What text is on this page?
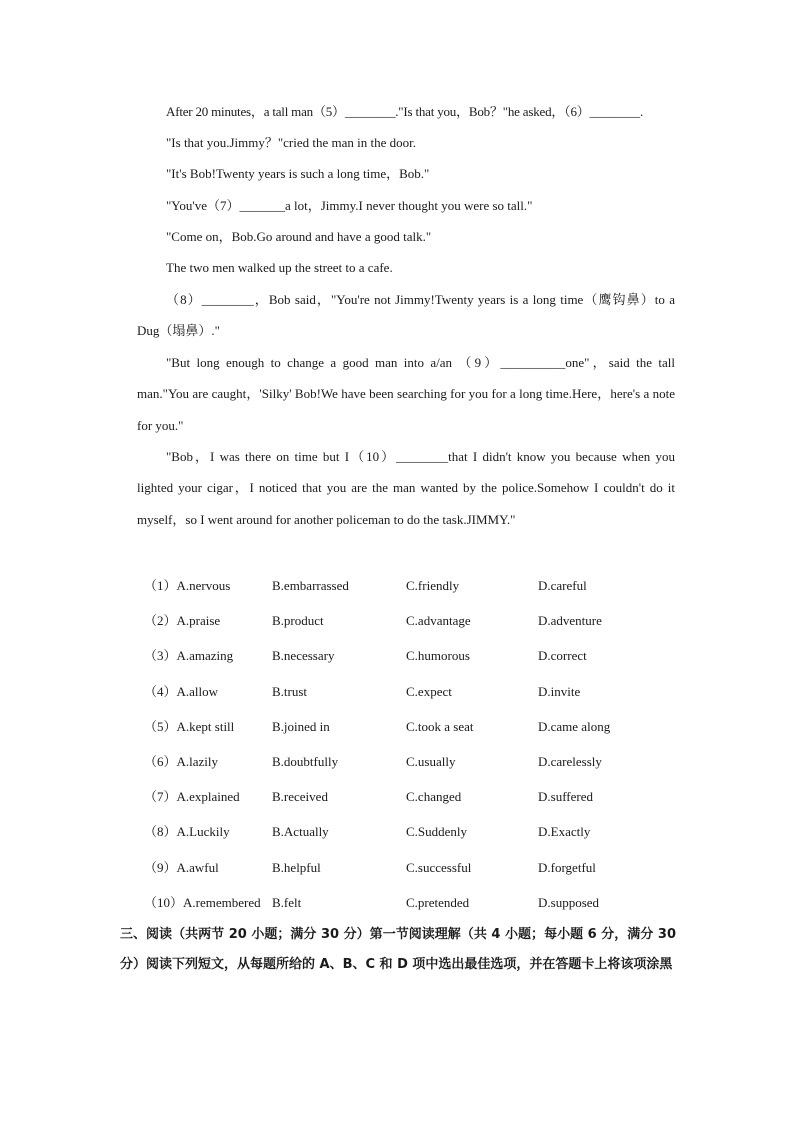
After 20 minutes，a tall man（5）________."Is that you，Bob？"he asked，（6）________.

"Is that you.Jimmy？"cried the man in the door.

"It's Bob!Twenty years is such a long time，Bob."

"You've（7）_______a lot，Jimmy.I never thought you were so tall."

"Come on，Bob.Go around and have a good talk."

The two men walked up the street to a cafe.

（8）________，Bob said，"You're not Jimmy!Twenty years is a long time（鹰钩鼻）to a Dug（塌鼻）."

"But long enough to change a good man into a/an （9）__________one"，said the tall man."You are caught，'Silky' Bob!We have been searching for you for a long time.Here，here's a note for you."

"Bob，I was there on time but I（10）________that I didn't know you because when you lighted your cigar，I noticed that you are the man wanted by the police.Somehow I couldn't do it myself，so I went around for another policeman to do the task.JIMMY."

（1）A.nervous	B.embarrassed	C.friendly	D.careful
（2）A.praise	B.product	C.advantage	D.adventure
（3）A.amazing	B.necessary	C.humorous	D.correct
（4）A.allow	B.trust	C.expect	D.invite
（5）A.kept still	B.joined in	C.took a seat	D.came along
（6）A.lazily	B.doubtfully	C.usually	D.carelessly
（7）A.explained B.received	C.changed	D.suffered
（8）A.Luckily	B.Actually	C.Suddenly	D.Exactly
（9）A.awful	B.helpful	C.successful	D.forgetful
（10）A.remembered B.felt	C.pretended	D.supposed

三、阅读（共两节 20 小题；满分 30 分）第一节阅读理解（共 4 小题；每小题 6 分，满分 30 分）阅读下列短文，从每题所给的 A、B、C 和 D 项中选出最佳选项，并在答题卡上将该项涂黑
